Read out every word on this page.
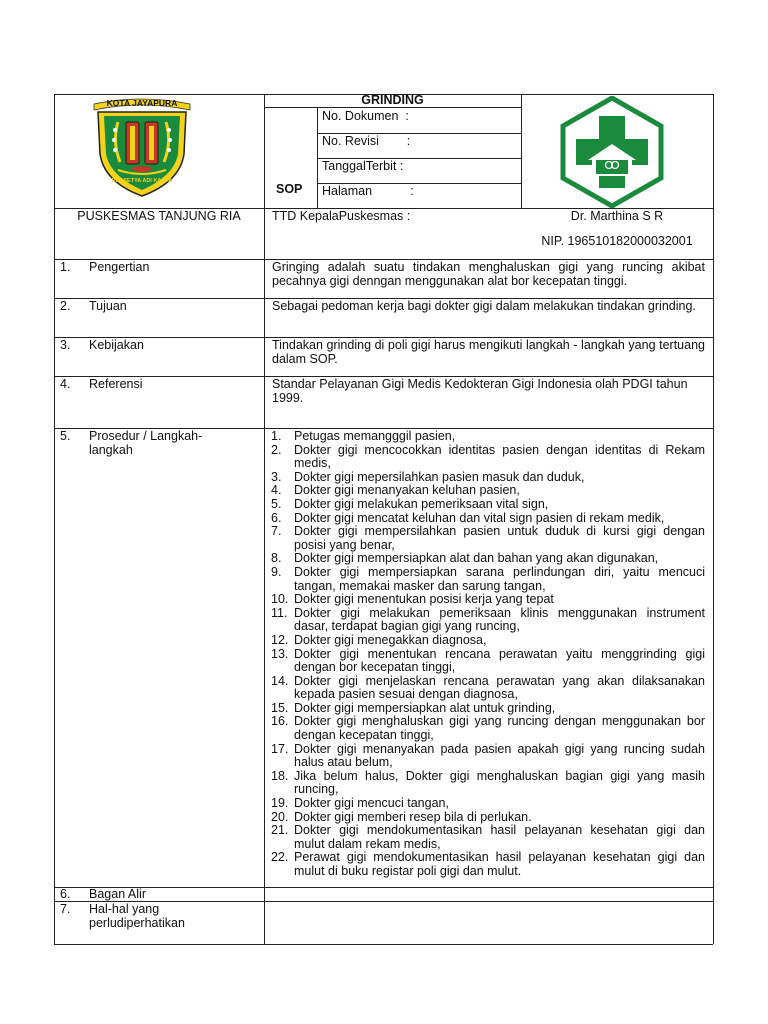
KOTA JAYAPURA
PRASETYA ADI KARYA
GRINDING
SOP
No. Dokumen  :
No. Revisi        :
TanggalTerbit :
Halaman           :
PUSKESMAS TANJUNG RIA	TTD KepalaPuskesmas :	Dr. Marthina S R
NIP. 196510182000032001
1. Pengertian	Gringing adalah suatu tindakan menghaluskan gigi yang runcing akibat pecahnya gigi denngan menggunakan alat bor kecepatan tinggi.
2. Tujuan	Sebagai pedoman kerja bagi dokter gigi dalam melakukan tindakan grinding.
3. Kebijakan	Tindakan grinding di poli gigi harus mengikuti langkah - langkah yang tertuang dalam SOP.
4. Referensi	Standar Pelayanan Gigi Medis Kedokteran Gigi Indonesia olah PDGI tahun 1999.
5. Prosedur / Langkah-langkah
1.	Petugas memangggil pasien,
2.	Dokter gigi mencocokkan identitas pasien dengan identitas di Rekam medis,
3.	Dokter gigi mepersilahkan pasien masuk dan duduk,
4.	Dokter gigi menanyakan keluhan pasien,
5.	Dokter gigi melakukan pemeriksaan vital sign,
6.	Dokter gigi mencatat keluhan dan vital sign pasien di rekam medik,
7.	Dokter gigi mempersilahkan pasien untuk duduk di kursi gigi dengan posisi yang benar,
8.	Dokter gigi mempersiapkan alat dan bahan yang akan digunakan,
9.	Dokter gigi mempersiapkan sarana perlindungan diri, yaitu mencuci tangan, memakai masker dan sarung tangan,
10. Dokter gigi menentukan posisi kerja yang tepat
11. Dokter gigi melakukan pemeriksaan klinis menggunakan instrument dasar, terdapat bagian gigi yang runcing,
12. Dokter gigi menegakkan diagnosa,
13. Dokter gigi menentukan rencana perawatan yaitu menggrinding gigi dengan bor kecepatan tinggi,
14. Dokter gigi menjelaskan rencana perawatan yang akan dilaksanakan kepada pasien sesuai dengan diagnosa,
15. Dokter gigi mempersiapkan alat untuk grinding,
16. Dokter gigi menghaluskan gigi yang runcing dengan menggunakan bor dengan kecepatan tinggi,
17. Dokter gigi menanyakan pada pasien apakah gigi yang runcing sudah halus atau belum,
18. Jika belum halus, Dokter gigi menghaluskan bagian gigi yang masih runcing,
19. Dokter gigi mencuci tangan,
20. Dokter gigi memberi resep bila di perlukan.
21. Dokter gigi mendokumentasikan hasil pelayanan kesehatan gigi dan mulut dalam rekam medis,
22. Perawat gigi mendokumentasikan hasil pelayanan kesehatan gigi dan mulut di buku registar poli gigi dan mulut.
6. Bagan Alir
7. Hal-hal yang perludiperhatikan
